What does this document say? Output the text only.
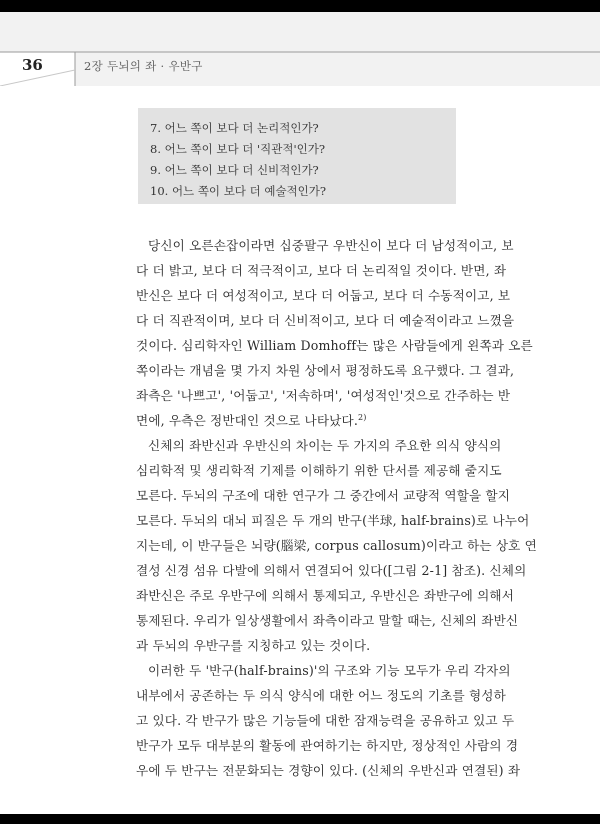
36	2장 두뇌의 좌 · 우반구
7. 어느 쪽이 보다 더 논리적인가?
8. 어느 쪽이 보다 더 '직관적'인가?
9. 어느 쪽이 보다 더 신비적인가?
10. 어느 쪽이 보다 더 예술적인가?
당신이 오른손잡이라면 십중팔구 우반신이 보다 더 남성적이고, 보
다 더 밝고, 보다 더 적극적이고, 보다 더 논리적일 것이다. 반면, 좌
반신은 보다 더 여성적이고, 보다 더 어둡고, 보다 더 수동적이고, 보
다 더 직관적이며, 보다 더 신비적이고, 보다 더 예술적이라고 느꼈을
것이다. 심리학자인 William Domhoff는 많은 사람들에게 왼쪽과 오른
쪽이라는 개념을 몇 가지 차원 상에서 평정하도록 요구했다. 그 결과,
좌측은 '나쁘고', '어둡고', '저속하며', '여성적인'것으로 간주하는 반
면에, 우측은 정반대인 것으로 나타났다.$^{2)}$
신체의 좌반신과 우반신의 차이는 두 가지의 주요한 의식 양식의
심리학적 및 생리학적 기제를 이해하기 위한 단서를 제공해 줄지도
모른다. 두뇌의 구조에 대한 연구가 그 중간에서 교량적 역할을 할지
모른다. 두뇌의 대뇌 피질은 두 개의 반구(半球, half-brains)로 나누어
지는데, 이 반구들은 뇌량(腦梁, corpus callosum)이라고 하는 상호 연
결성 신경 섬유 다발에 의해서 연결되어 있다([그림 2-1] 참조). 신체의
좌반신은 주로 우반구에 의해서 통제되고, 우반신은 좌반구에 의해서
통제된다. 우리가 일상생활에서 좌측이라고 말할 때는, 신체의 좌반신
과 두뇌의 우반구를 지칭하고 있는 것이다.
이러한 두 '반구(half-brains)'의 구조와 기능 모두가 우리 각자의
내부에서 공존하는 두 의식 양식에 대한 어느 정도의 기초를 형성하
고 있다. 각 반구가 많은 기능들에 대한 잠재능력을 공유하고 있고 두
반구가 모두 대부분의 활동에 관여하기는 하지만, 정상적인 사람의 경
우에 두 반구는 전문화되는 경향이 있다. (신체의 우반신과 연결된) 좌
